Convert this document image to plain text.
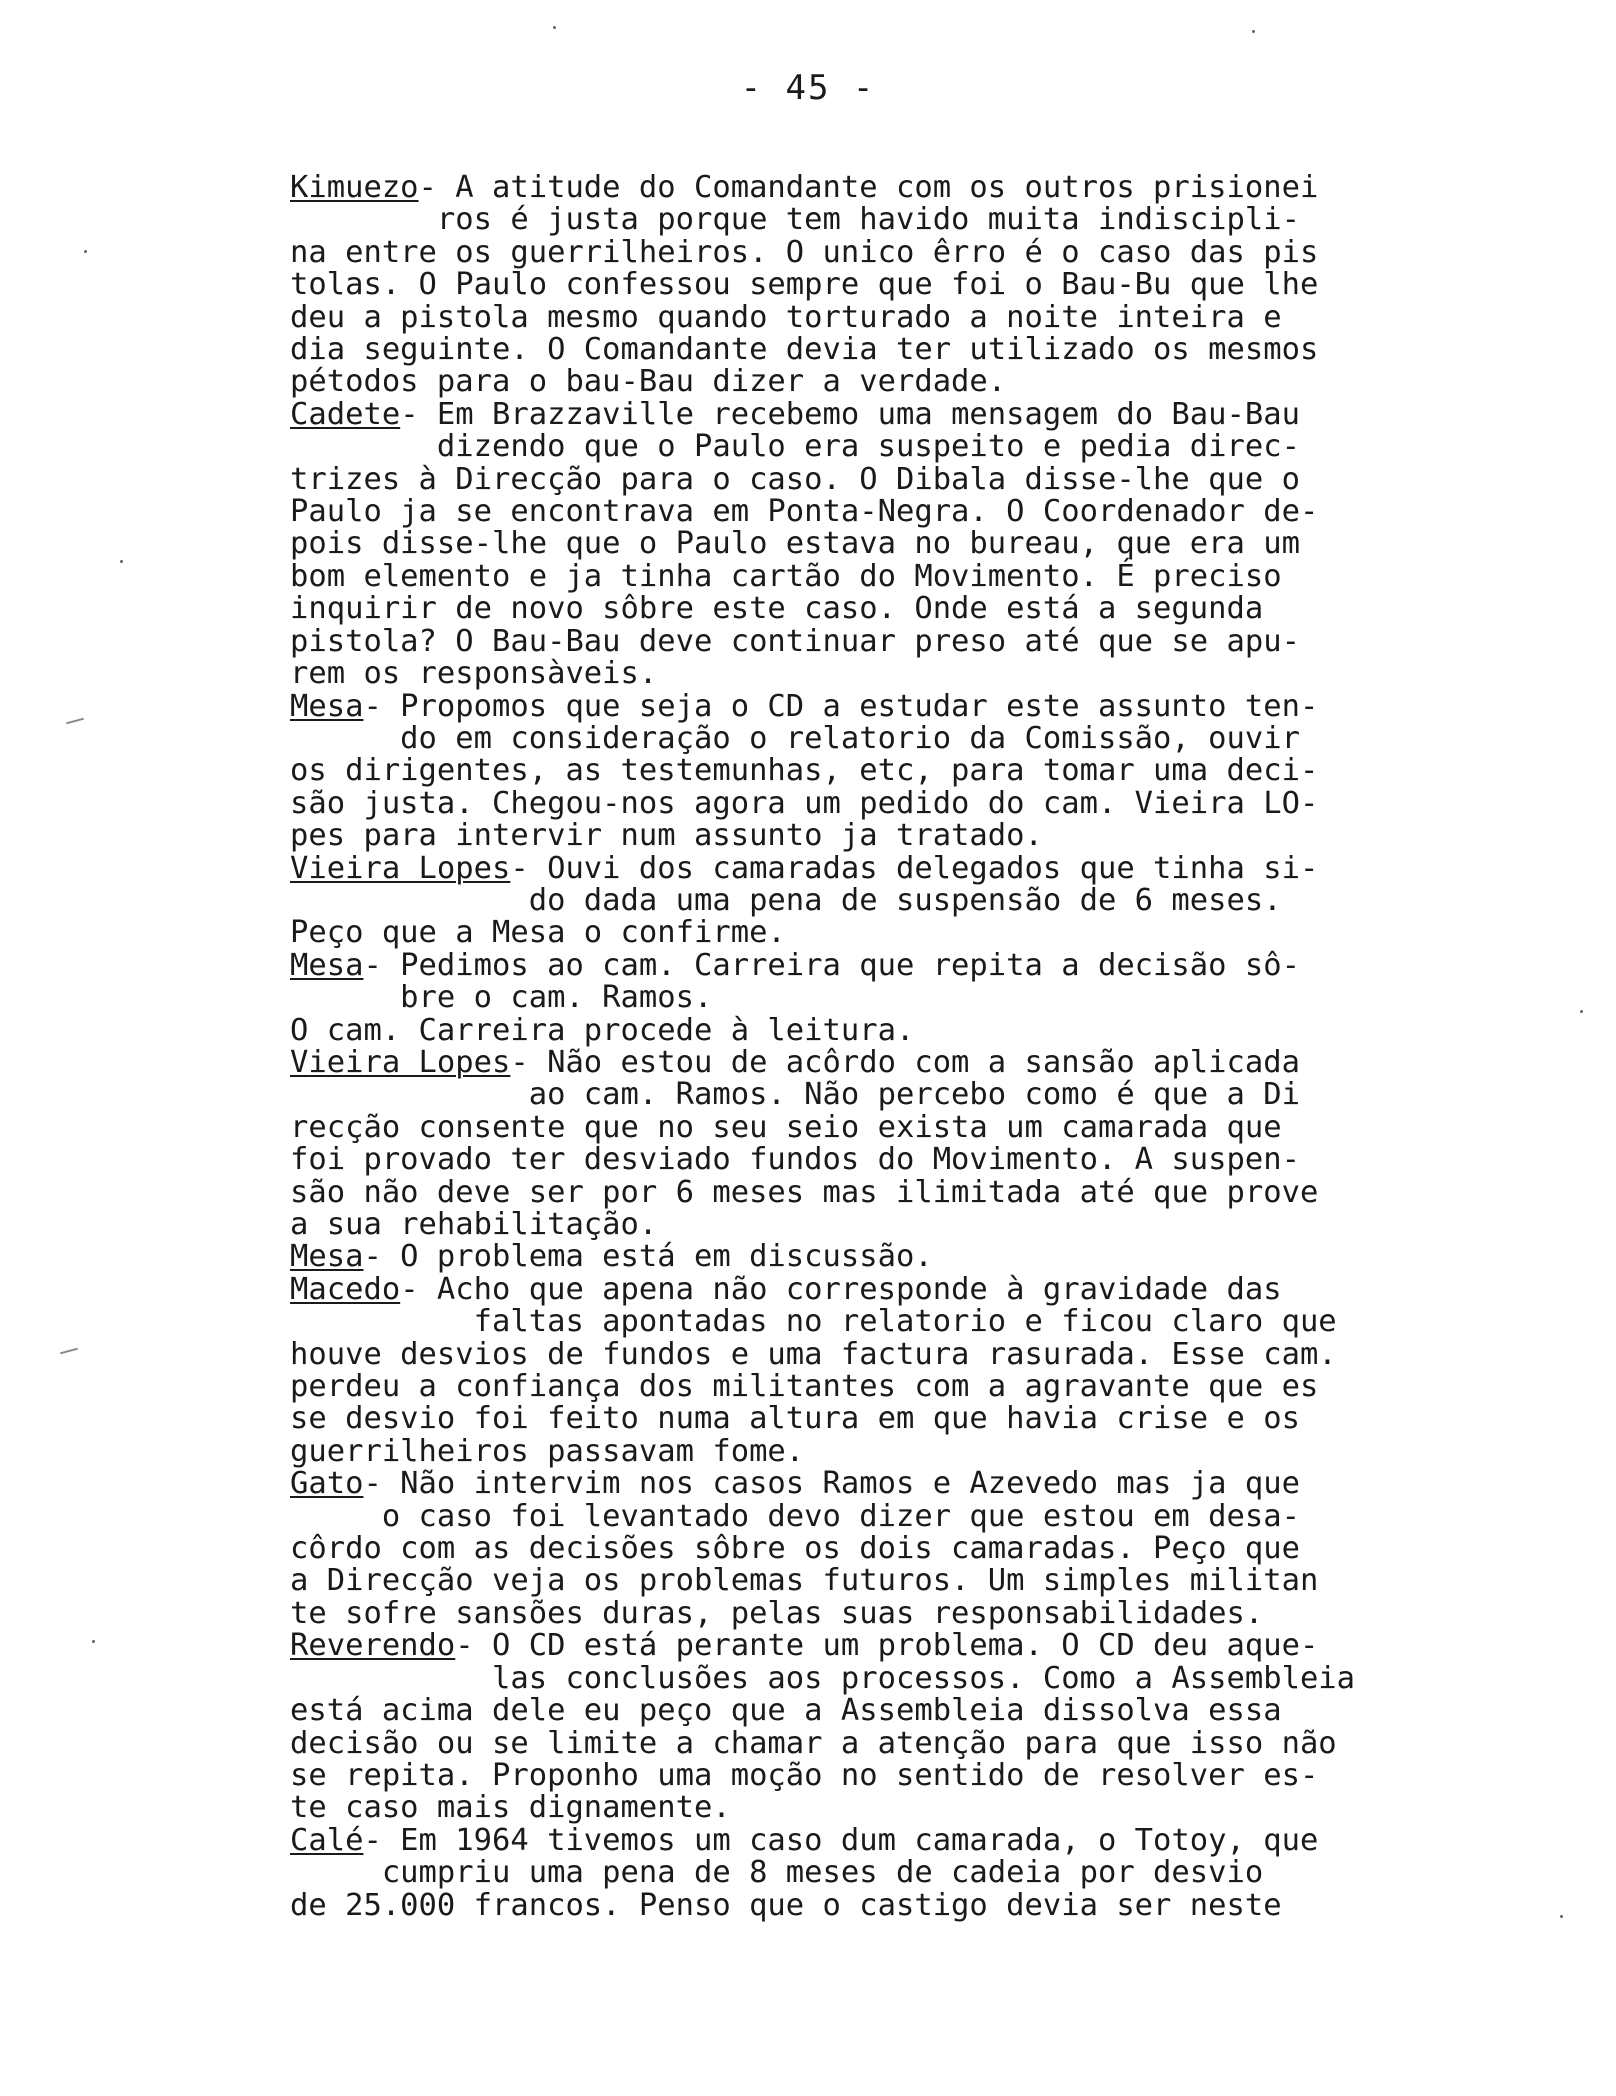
- 45 -
Kimuezo- A atitude do Comandante com os outros prisionei
ros é justa porque tem havido muita indiscipli-
na entre os guerrilheiros. O unico êrro é o caso das pis
tolas. O Paulo confessou sempre que foi o Bau-Bu que lhe
deu a pistola mesmo quando torturado a noite inteira e
dia seguinte. O Comandante devia ter utilizado os mesmos
pétodos para o bau-Bau dizer a verdade.
Cadete- Em Brazzaville recebemo uma mensagem do Bau-Bau
dizendo que o Paulo era suspeito e pedia direc-
trizes à Direcção para o caso. O Dibala disse-lhe que o
Paulo ja se encontrava em Ponta-Negra. O Coordenador de-
pois disse-lhe que o Paulo estava no bureau, que era um
bom elemento e ja tinha cartão do Movimento. É preciso
inquirir de novo sôbre este caso. Onde está a segunda
pistola? O Bau-Bau deve continuar preso até que se apu-
rem os responsàveis.
Mesa- Propomos que seja o CD a estudar este assunto ten-
do em consideração o relatorio da Comissão, ouvir
os dirigentes, as testemunhas, etc, para tomar uma deci-
são justa. Chegou-nos agora um pedido do cam. Vieira LO-
pes para intervir num assunto ja tratado.
Vieira Lopes- Ouvi dos camaradas delegados que tinha si-
do dada uma pena de suspensão de 6 meses.
Peço que a Mesa o confirme.
Mesa- Pedimos ao cam. Carreira que repita a decisão sô-
bre o cam. Ramos.
O cam. Carreira procede à leitura.
Vieira Lopes- Não estou de acôrdo com a sansão aplicada
ao cam. Ramos. Não percebo como é que a Di
recção consente que no seu seio exista um camarada que
foi provado ter desviado fundos do Movimento. A suspen-
são não deve ser por 6 meses mas ilimitada até que prove
a sua rehabilitação.
Mesa- O problema está em discussão.
Macedo- Acho que apena não corresponde à gravidade das
faltas apontadas no relatorio e ficou claro que
houve desvios de fundos e uma factura rasurada. Esse cam.
perdeu a confiança dos militantes com a agravante que es
se desvio foi feito numa altura em que havia crise e os
guerrilheiros passavam fome.
Gato- Não intervim nos casos Ramos e Azevedo mas ja que
o caso foi levantado devo dizer que estou em desa-
côrdo com as decisões sôbre os dois camaradas. Peço que
a Direcção veja os problemas futuros. Um simples militan
te sofre sansões duras, pelas suas responsabilidades.
Reverendo- O CD está perante um problema. O CD deu aque-
las conclusões aos processos. Como a Assembleia
está acima dele eu peço que a Assembleia dissolva essa
decisão ou se limite a chamar a atenção para que isso não
se repita. Proponho uma moção no sentido de resolver es-
te caso mais dignamente.
Calé- Em 1964 tivemos um caso dum camarada, o Totoy, que
cumpriu uma pena de 8 meses de cadeia por desvio
de 25.000 francos. Penso que o castigo devia ser neste
